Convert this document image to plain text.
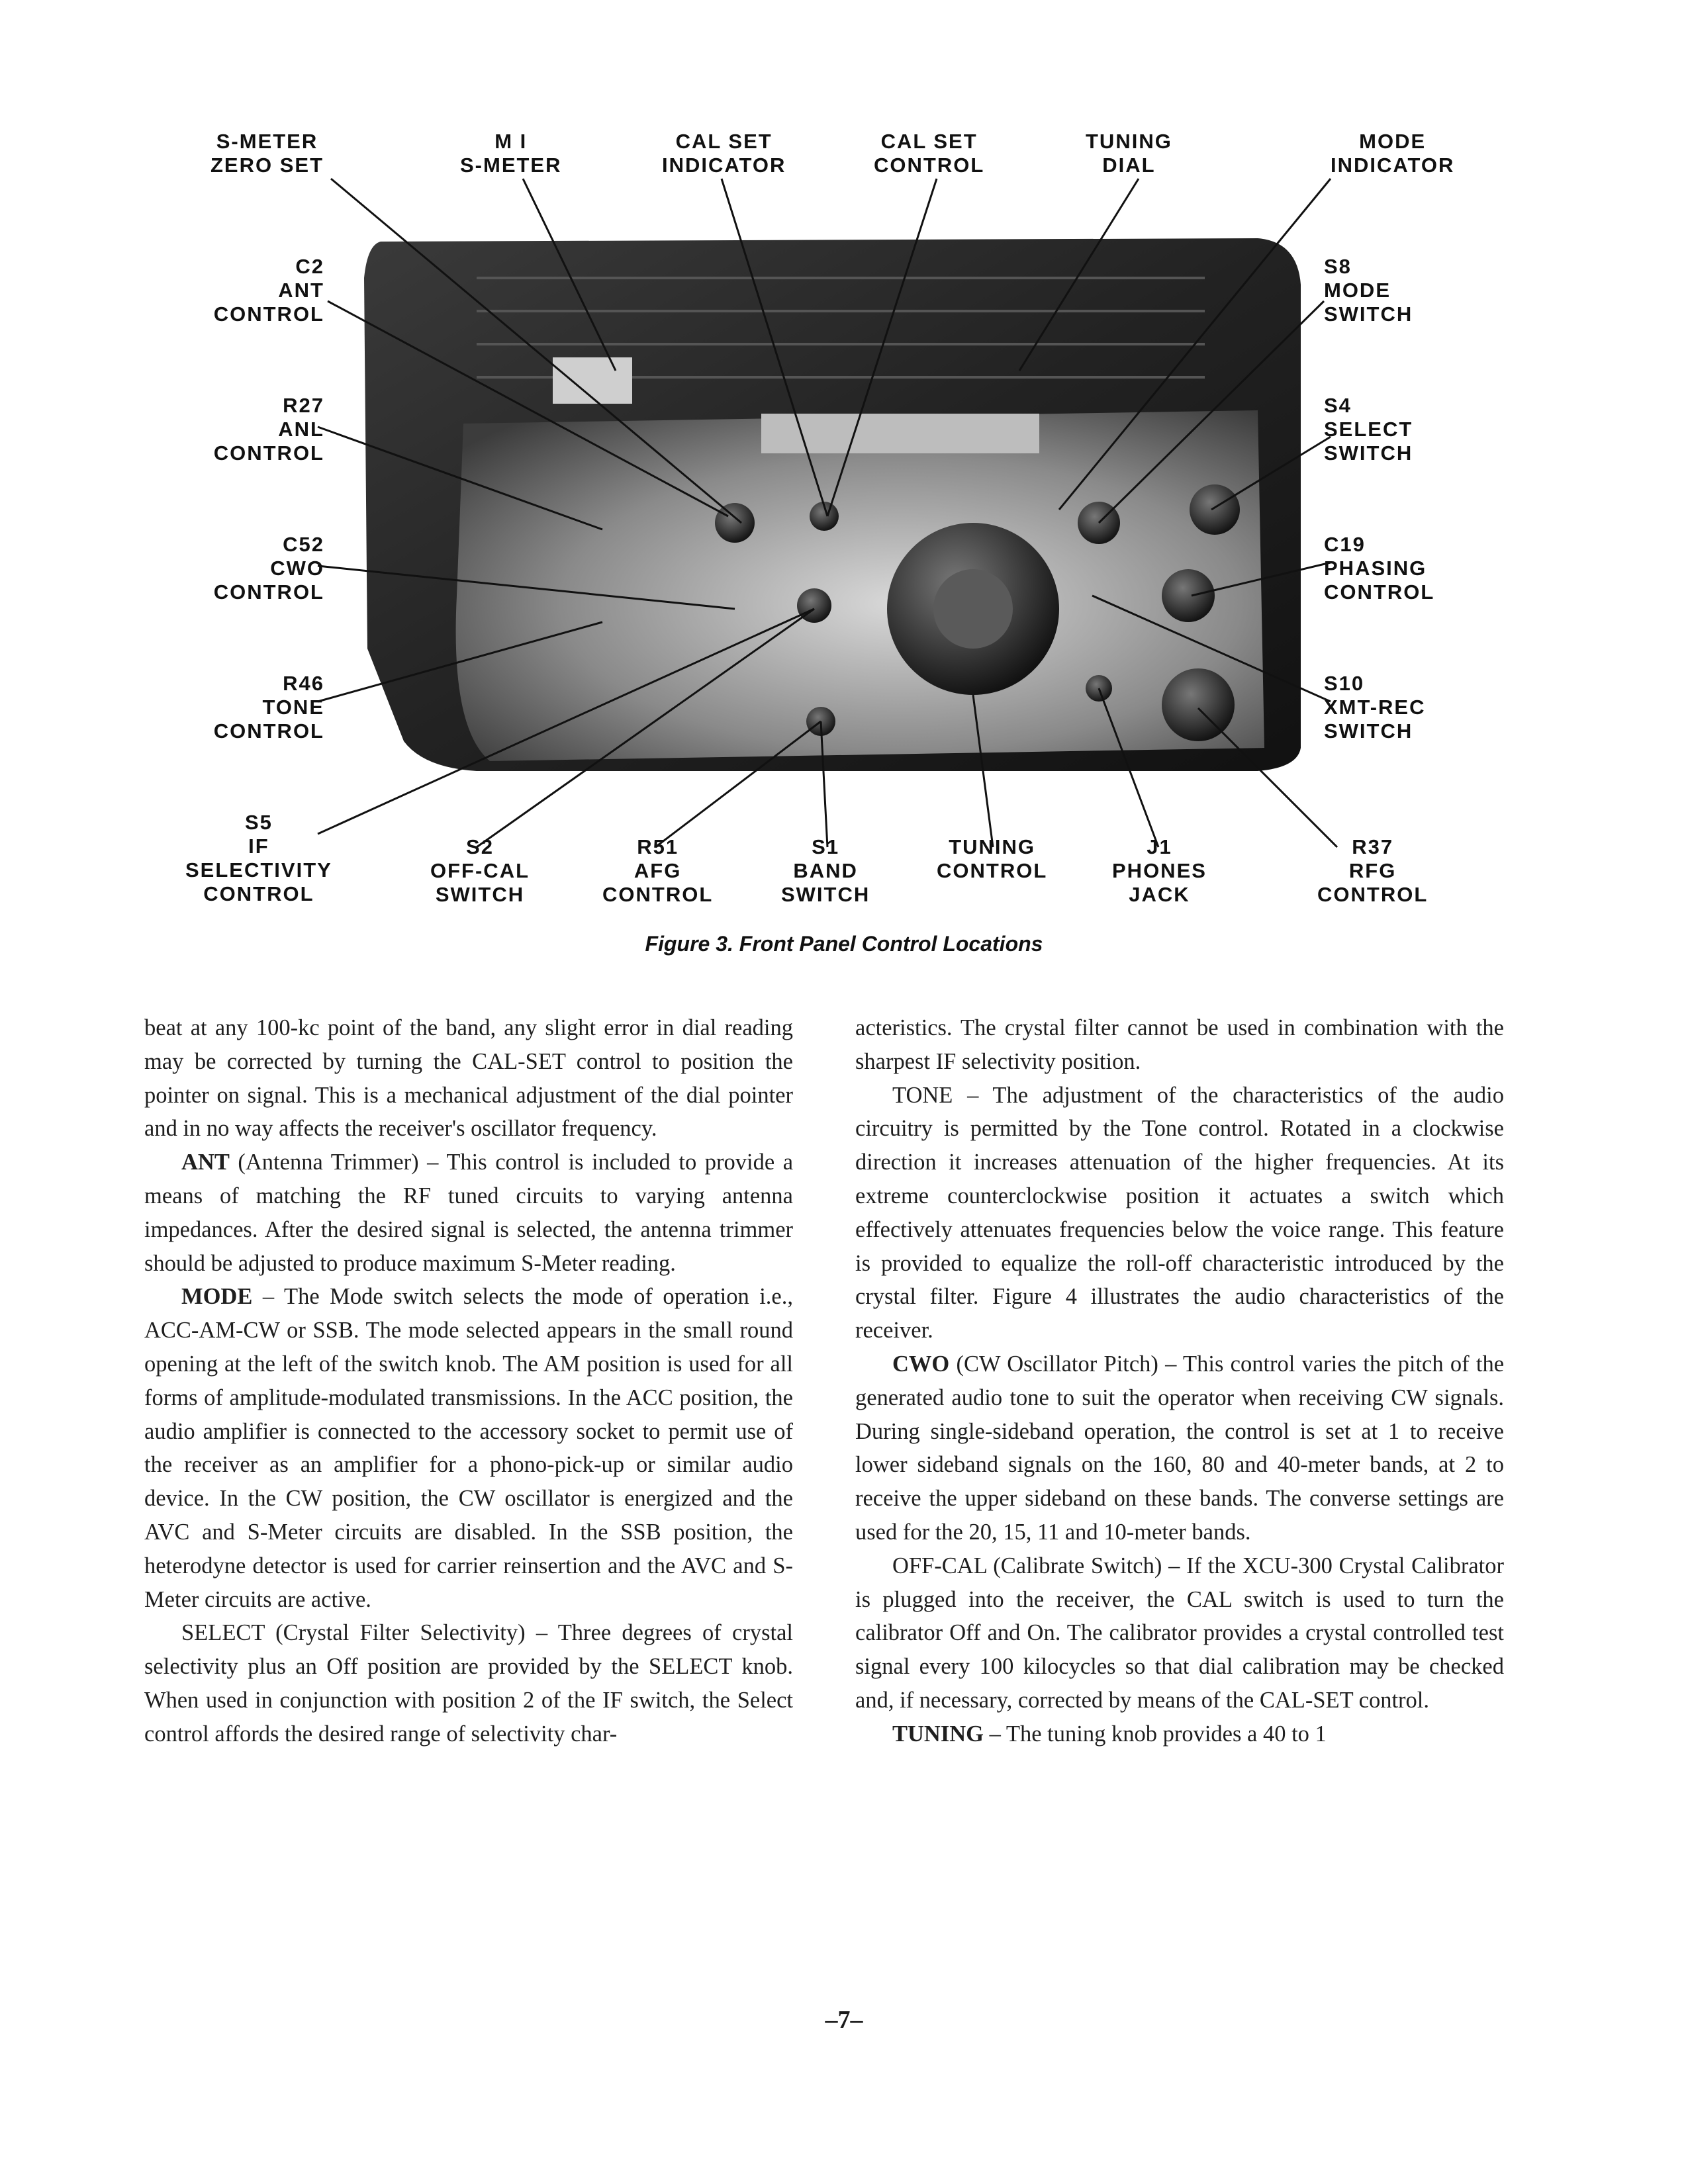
S-METER
ZERO SET
M I
S-METER
CAL SET
INDICATOR
CAL SET
CONTROL
TUNING
DIAL
MODE
INDICATOR
C2
ANT
CONTROL
R27
ANL
CONTROL
C52
CWO
CONTROL
R46
TONE
CONTROL
S5
IF
SELECTIVITY
CONTROL
S8
MODE
SWITCH
S4
SELECT
SWITCH
C19
PHASING
CONTROL
S10
XMT-REC
SWITCH
S2
OFF-CAL
SWITCH
R51
AFG
CONTROL
S1
BAND
SWITCH
TUNING
CONTROL
J1
PHONES
JACK
R37
RFG
CONTROL
Figure 3. Front Panel Control Locations

beat at any 100-kc point of the band, any slight error in dial reading may be corrected by turning the CAL-SET control to position the pointer on signal. This is a mechanical adjustment of the dial pointer and in no way affects the receiver's oscillator frequency.

ANT (Antenna Trimmer) – This control is included to provide a means of matching the RF tuned circuits to varying antenna impedances. After the desired signal is selected, the antenna trimmer should be adjusted to produce maximum S-Meter reading.

MODE – The Mode switch selects the mode of operation i.e., ACC-AM-CW or SSB. The mode selected appears in the small round opening at the left of the switch knob. The AM position is used for all forms of amplitude-modulated transmissions. In the ACC position, the audio amplifier is connected to the accessory socket to permit use of the receiver as an amplifier for a phono-pick-up or similar audio device. In the CW position, the CW oscillator is energized and the AVC and S-Meter circuits are disabled. In the SSB position, the heterodyne detector is used for carrier reinsertion and the AVC and S-Meter circuits are active.

SELECT (Crystal Filter Selectivity) – Three degrees of crystal selectivity plus an Off position are provided by the SELECT knob. When used in conjunction with position 2 of the IF switch, the Select control affords the desired range of selectivity char-

acteristics. The crystal filter cannot be used in combination with the sharpest IF selectivity position.

TONE – The adjustment of the characteristics of the audio circuitry is permitted by the Tone control. Rotated in a clockwise direction it increases attenuation of the higher frequencies. At its extreme counterclockwise position it actuates a switch which effectively attenuates frequencies below the voice range. This feature is provided to equalize the roll-off characteristic introduced by the crystal filter. Figure 4 illustrates the audio characteristics of the receiver.

CWO (CW Oscillator Pitch) – This control varies the pitch of the generated audio tone to suit the operator when receiving CW signals. During single-sideband operation, the control is set at 1 to receive lower sideband signals on the 160, 80 and 40-meter bands, at 2 to receive the upper sideband on these bands. The converse settings are used for the 20, 15, 11 and 10-meter bands.

OFF-CAL (Calibrate Switch) – If the XCU-300 Crystal Calibrator is plugged into the receiver, the CAL switch is used to turn the calibrator Off and On. The calibrator provides a crystal controlled test signal every 100 kilocycles so that dial calibration may be checked and, if necessary, corrected by means of the CAL-SET control.

TUNING – The tuning knob provides a 40 to 1

–7–
